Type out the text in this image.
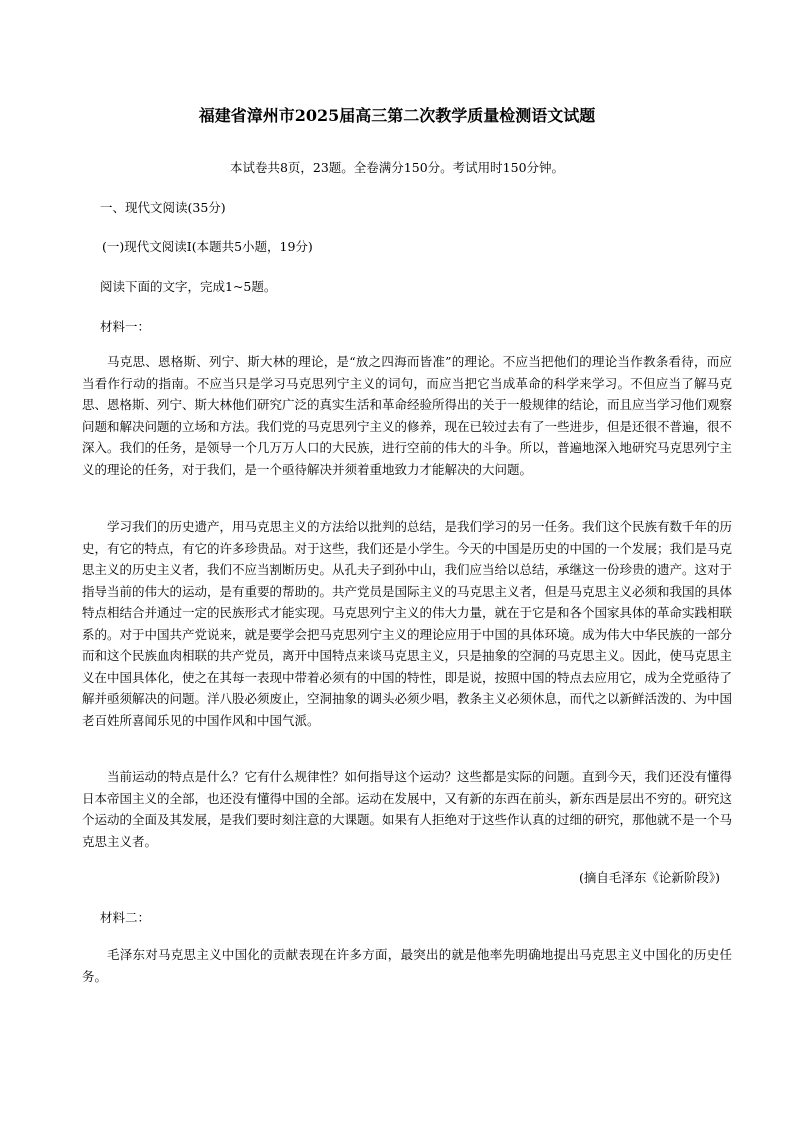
福建省漳州市2025届高三第二次教学质量检测语文试题
本试卷共8页，23题。全卷满分150分。考试用时150分钟。
一、现代文阅读(35分)
(一)现代文阅读Ⅰ(本题共5小题，19分)
阅读下面的文字，完成1~5题。
材料一：

马克思、恩格斯、列宁、斯大林的理论，是“放之四海而皆准”的理论。不应当把他们的理论当作教条看待，而应当看作行动的指南。不应当只是学习马克思列宁主义的词句，而应当把它当成革命的科学来学习。不但应当了解马克思、恩格斯、列宁、斯大林他们研究广泛的真实生活和革命经验所得出的关于一般规律的结论，而且应当学习他们观察问题和解决问题的立场和方法。我们党的马克思列宁主义的修养，现在已较过去有了一些进步，但是还很不普遍，很不深入。我们的任务，是领导一个几万万人口的大民族，进行空前的伟大的斗争。所以，普遍地深入地研究马克思列宁主义的理论的任务，对于我们，是一个亟待解决并须着重地致力才能解决的大问题。

学习我们的历史遗产，用马克思主义的方法给以批判的总结，是我们学习的另一任务。我们这个民族有数千年的历史，有它的特点，有它的许多珍贵品。对于这些，我们还是小学生。今天的中国是历史的中国的一个发展；我们是马克思主义的历史主义者，我们不应当割断历史。从孔夫子到孙中山，我们应当给以总结，承继这一份珍贵的遗产。这对于指导当前的伟大的运动，是有重要的帮助的。共产党员是国际主义的马克思主义者，但是马克思主义必须和我国的具体特点相结合并通过一定的民族形式才能实现。马克思列宁主义的伟大力量，就在于它是和各个国家具体的革命实践相联系的。对于中国共产党说来，就是要学会把马克思列宁主义的理论应用于中国的具体环境。成为伟大中华民族的一部分而和这个民族血肉相联的共产党员，离开中国特点来谈马克思主义，只是抽象的空洞的马克思主义。因此，使马克思主义在中国具体化，使之在其每一表现中带着必须有的中国的特性，即是说，按照中国的特点去应用它，成为全党亟待了解并亟须解决的问题。洋八股必须废止，空洞抽象的调头必须少唱，教条主义必须休息，而代之以新鲜活泼的、为中国老百姓所喜闻乐见的中国作风和中国气派。

当前运动的特点是什么？它有什么规律性？如何指导这个运动？这些都是实际的问题。直到今天，我们还没有懂得日本帝国主义的全部，也还没有懂得中国的全部。运动在发展中，又有新的东西在前头，新东西是层出不穷的。研究这个运动的全面及其发展，是我们要时刻注意的大课题。如果有人拒绝对于这些作认真的过细的研究，那他就不是一个马克思主义者。

(摘自毛泽东《论新阶段》)
材料二：

毛泽东对马克思主义中国化的贡献表现在许多方面，最突出的就是他率先明确地提出马克思主义中国化的历史任务。
